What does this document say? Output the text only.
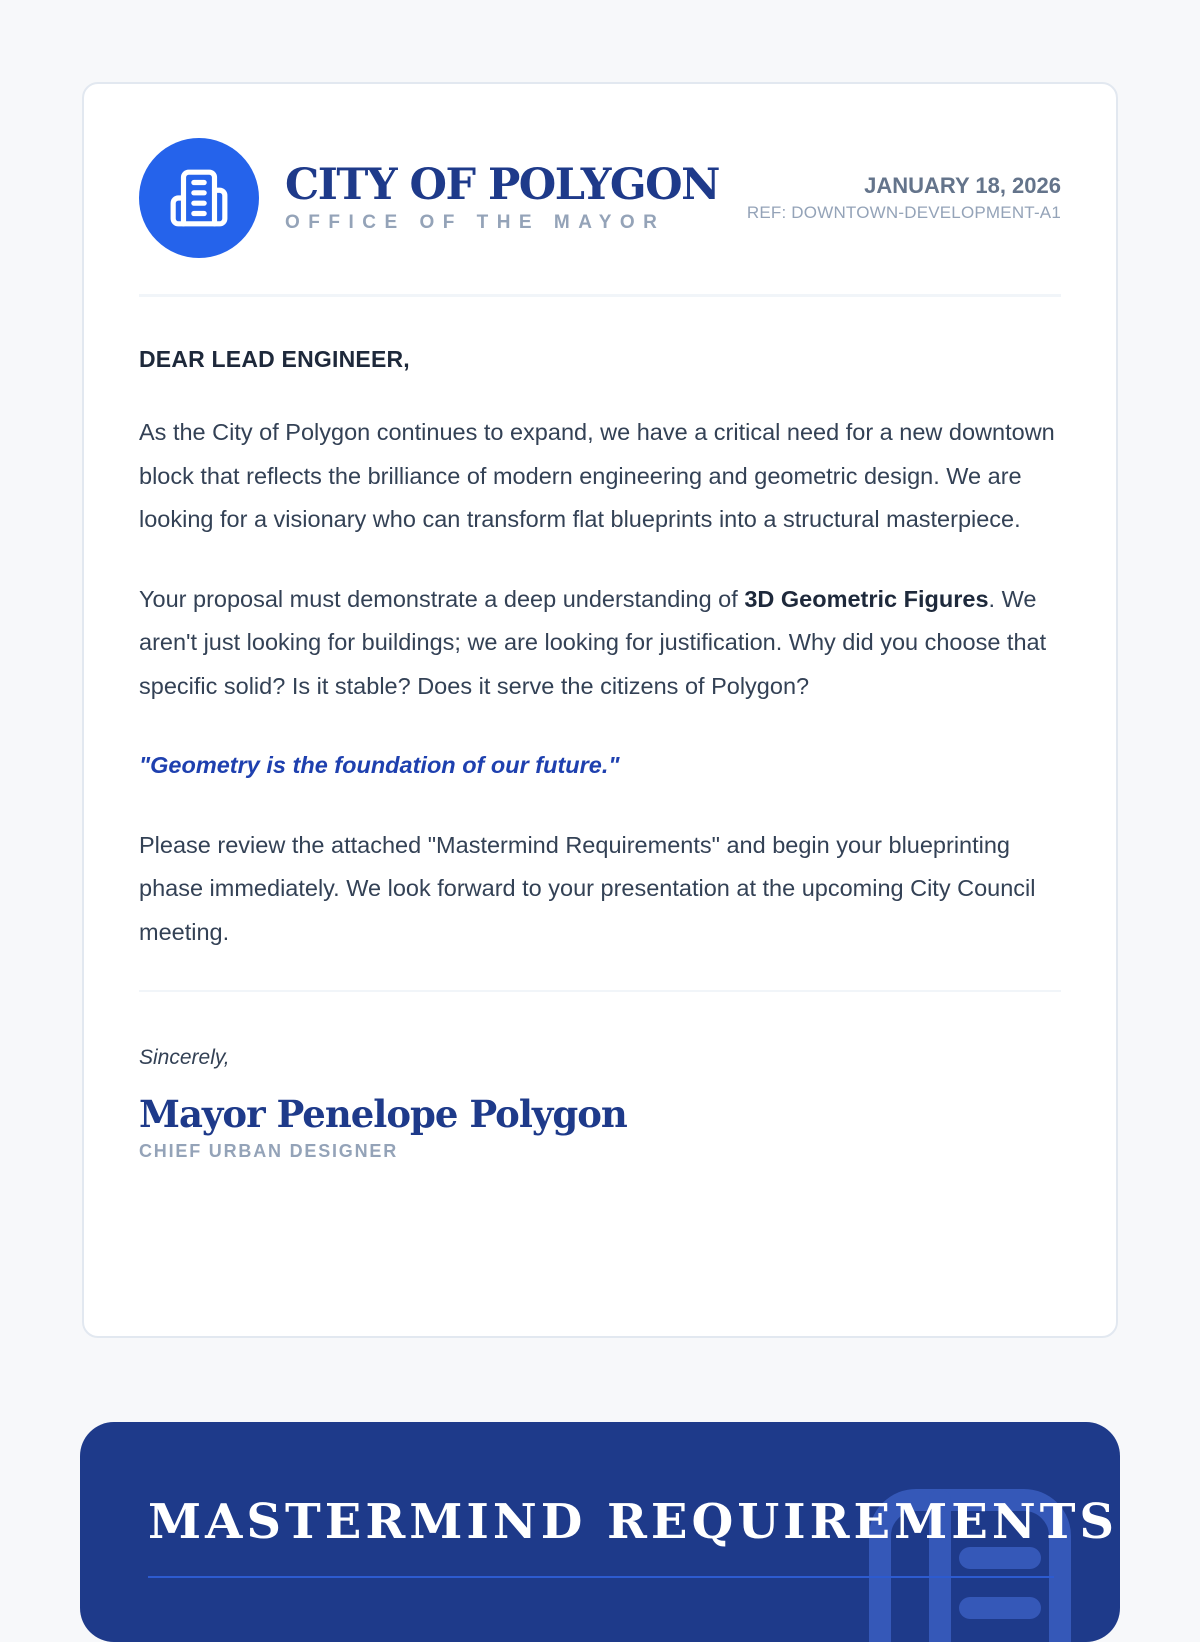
CITY OF POLYGON
OFFICE OF THE MAYOR
JANUARY 18, 2026
REF: DOWNTOWN-DEVELOPMENT-A1
DEAR LEAD ENGINEER,

As the City of Polygon continues to expand, we have a critical need for a new downtown block that reflects the brilliance of modern engineering and geometric design. We are looking for a visionary who can transform flat blueprints into a structural masterpiece.

Your proposal must demonstrate a deep understanding of 3D Geometric Figures. We aren't just looking for buildings; we are looking for justification. Why did you choose that specific solid? Is it stable? Does it serve the citizens of Polygon?

"Geometry is the foundation of our future."

Please review the attached "Mastermind Requirements" and begin your blueprinting phase immediately. We look forward to your presentation at the upcoming City Council meeting.

Sincerely,
Mayor Penelope Polygon
CHIEF URBAN DESIGNER
MASTERMIND REQUIREMENTS
